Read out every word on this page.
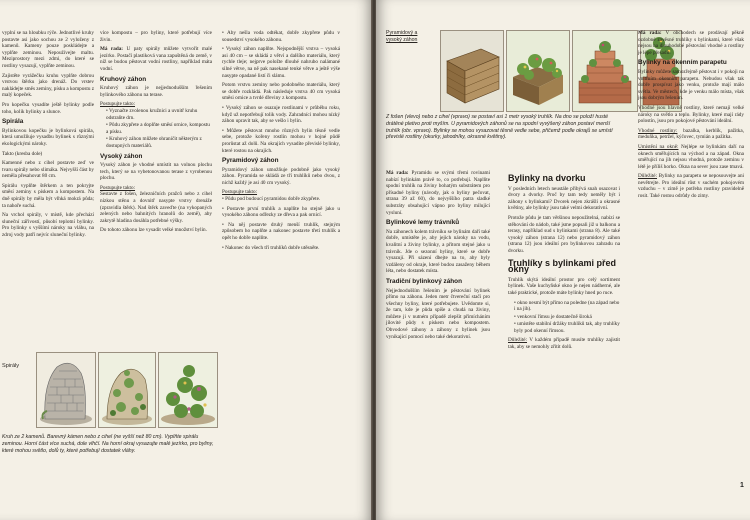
vyplní se na hloubku rýče. Jednotlivé kruhy postavte asi jako sochou ze 2 vyloženy z kamenů. Kameny pouze poskládejte a vyplňte zeminou. Nepoužívejte maltu. Meziprostory mezi zdmi, do které se rostliny vysazují, vyplňte zeminou.

Zajistěte vyrážečku kruhu vyplňte dobrou vrstvou štěrku jako drenáž. Do vrstev nakládejte směs zeminy, písku a kompostu z malý kopeček.

Pro kopečku vysadíte ještě bylinky podle toho, kolik bylinky a slunce.

Spirála

Bylinkovou kopečku je bylinková spirála, která umožňuje vysadbu bylinek s různými ekologickými nároky.

Takto (kresba dole)

Kamenné nebo z cihel postavte zeď ve tvaru spirály nebo slimáka. Nejvyšší část by neměla přesahovat 80 cm.

Spirálu vyplňte štěrkem a ten pokryjte směsí zeminy s pískem a kompostem. Na dně spirály by měla být vlhká mokrá půda; ta nahoře suchá.

Na vrchol spirály, v místě, kde přechází sluneční zářivostí, působí teplotní bylinky. Pro bylinky s vyššími nároky na vláhu, na zdroj vody patří nejvíc sluneční bylinky.

více kompostu – pro byliny, které potřebují více živin.

Má rada: U paty spirály můžete vytvořit malé jezírko. Postačí plastiková vana zapuštěná do země, v níž se budou pěstovat vodní rostliny, například máta vodní.

Kruhový záhon

Kruhový záhon je nejjednodušším řešením bylinkového záhonu na terase.

Postupujte takto:
• Vyznačte zvolenou kružnici a uvnitř kruhu odstraňte drn.
• Půdu zkypřete a doplňte směsí ornice, kompostu a písku.
• Kruhový záhon můžete ohraničit některým z dostupných materiálů.
Vysoký záhon

Vysoký záhon je vhodné umístit na volnou plochu tech, který se na vybetonovanou terase z vyrobenou plochu.

Postupujte takto:

Sestavte z fošen, železničních pražců nebo z cihel nízkou stěnu a dovnitř nasypte vrstvy drenáže (zpravidla štěrk). Nad štěrk zaveďte (na vykopaných zelených nebo bahnitých hranolů do země), aby zakrytě hladina dosáhla potřebné výšky.

Do tohoto záhonu lze vysadit velké množství bylin.

• Aby nešla voda odtékat, dobře zkypřete půdu v sousedství vysokého záhonu.

• Vysoký záhon naplňte. Nejspodnější vrstva – vysoká asi 40 cm – se skládá z větví a dalšího materiálu, který rychle tleje; nejprve položte dlouhé nahrubo nalámané silné větve, na ně pak nasekané tenké větve a ještě výše nasypte opadané listí či slámu.

Potom vrstvu zeminy nebo podobného materiálu, který se dobře rozkládá. Pak následuje vrstva 40 cm vysoká směsi ornice a tvrdé dřeviny z kompostu.

• Vysoký záhon se osazuje rostlinami v průběhu roku, když už nepotřebují tolik vody. Zahradníci mohou nízký záhon upravit tak, aby se vešlo i bylin.

• Můžete pěstovat mnoho různých bylin těsně vedle sebe, protože kořeny rostlin mohou v hojné půdě prorůstat až dolů. Na okrajích vysadíte převislé bylinky, které rostou na okrajích.

Pyramidový záhon

Pyramidový záhon umožňuje podobně jako vysoký záhon. Pyramida se skládá ze tří truhlíků nebo dvou, z nichž každý je asi 40 cm vysoký.

Postupujte takto:

• Půdu pod budoucí pyramidou dobře zkypřete.

• Postavte první truhlík a naplňte ho stejně jako u vysokého záhonu odřezky ze dřeva a pak ornicí.

• Na něj postavte druhý menší truhlík, stejným způsobem ho naplňte a nakonec postavte třetí truhlík a opět ho dobře naplňte.

• Nakonec do všech tří truhlíků dobře utěsněte.

Kruh ze 2 kamenů. Barevný kámen nebo z cihel (ne vyšší než 80 cm). Vyplňte spirálu zeminou. Horní část více suchá, dole vlhčí. Na horní okraj vysazujte malé jezírko, pro byliny, které mohou světlo, dolů ty, které potřebují dostatek vláhy.
Spirály
Pyramidový a vysoký záhon
Z fošen (vlevo) nebo z cihel (vpravo) se postaví asi 1 metr vysoký truhlík. Na dno se položí husté drátěné pletivo proti myším. U pyramidových záhonů se na spodní vyvýšený záhon postaví menší truhlík (obr. vpravo). Bylinky se mohou vysazovat těsně vedle sebe, přičemž podle okrajů se umístí převislé rostliny (okurky, jahodníky, okrasné květiny).

Má rada: Pyramidu se svými třemi rovinami nabízí bylinkám právě to, co potřebují. Naplňte spodní truhlík na živiny bohatým substrátem pro přísadné byliny (návody, jak o byliny pečovat, strana 39 až 60), do nejvyššího patra sladké substráty obsahující vápno pro byliny milující vysluní.

Bylinkové lemy trávníků

Na záhonech kolem trávníku se bylinám daří také dobře, umístěte je, aby jejich nároky na vodu, kvalitní a živiny bylinky, a přitom stejné jako u trávník. Jde o sezonní byliny, které se dobře vysazují. Při sázení dbejte na to, aby byly vzdáleny od okraje, které budou zasaženy během léta, nebo dostatek místa.

Tradiční bylinkový záhon

Nejjednodušším řešením je pěstování bylinek přímo na záhonu. Jeden metr čtvereční stačí pro všechny byliny, které potřebujete. Uvědomte si, že tam, kde je půda spíše a chudá na živiny, můžete ji v nutném případě zlepšit přimícháním jílovité půdy s pískem nebo kompostem. Obvodové záhony a záhony z bylinek jsou vynikající pomocí nebo také dekorativní.

Bylinky na dvorku

V posledních letech neustále přibývá snah osazovat i dvory a dvorky. Proč by tam tedy neměly být i záhony s bylinkami? Dvorek nejen zkrášlí a okrasné květiny, ale bylinky jsou také velmi dekorativní.

Protože půdu je tam většinou nepoužitelná, nabízí se stěhování do nádob, také jsme popsali již u balkonu a terasy, například sud s bylinkami (strana 8). Ale také vysoký záhon (strana 12) nebo pyramidový záhon (strana 12) jsou ideální pro bylinkovou zahradu na dvorku.

Truhlíky s bylinkami před okny

Truhlík skýtá ideální prostor pro celý sortiment bylinek. Vaše kuchyňské okno je nejen nádherné, ale také praktické, protože máte bylinky hned po ruce.

• okno nesmí být přímo na poledne (na západ nebo i na jih).
• venkovní římsu je dostatečně široká
• umístěte stabilní držáky truhlíků tak, aby truhlíky byly pod okenní římsou.

Důležité: V každém případě musíte truhlíky zajistit tak, aby se nemohly zřítit dolů.

Má rada: V obchodech se prodávají pěkně ozdobné závěsné truhlíky s bylinkami, které však nejsou na dlouhodobé pěstování vhodné a rostliny je lépe přesadit.

Bylinky na okenním parapetu

Bylinky můžete samozřejmě pěstovat i v pokoji na vnitřním okenním parapetu. Nebudou však tak dobře prospívat jako venku, protože mají málo světla. Ve městech, kde je venku málo místa, však jsou dobrým řešením.

Vhodné jsou hlavně rostliny, které nemají velké nároky na světlo a teplo. Bylinky, které mají rády polostín, jsou pro pokojové pěstování ideální.

Vhodné rostliny: bazalka, kerblík, pažitka, meduňka, petržel, kýčovec, tymián a pažitka.

Umístění na okně: Nejlépe se bylinkám daří na oknech směřujících na východ a na západ. Okna směřující na jih nejsou vhodná, protože zeminu v létě je příliš horko. Okna na sever jsou zase tmavá.

Důležité: Bylinky na parapetu se neposouvejte ani nevětrejte. Pro ideální růst v suchém pokojovém vzduchu – v zimě je potřeba rostliny pravidelně rosit. Také rostou odrůdy do zimy.

1
